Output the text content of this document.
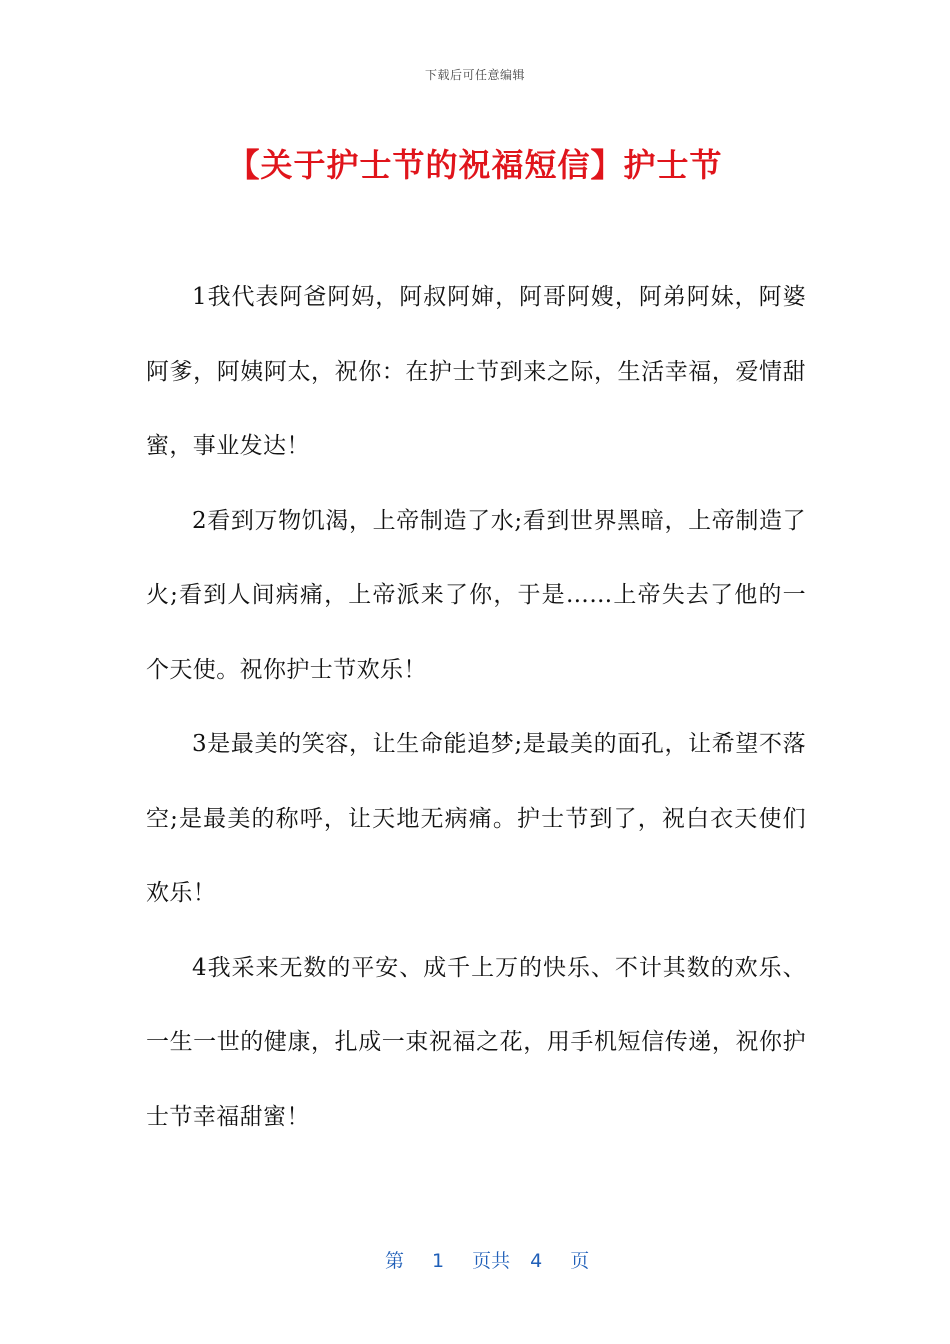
下载后可任意编辑
【关于护士节的祝福短信】护士节

1我代表阿爸阿妈，阿叔阿婶，阿哥阿嫂，阿弟阿妹，阿婆阿爹，阿姨阿太，祝你：在护士节到来之际，生活幸福，爱情甜蜜，事业发达！

2看到万物饥渴，上帝制造了水;看到世界黑暗，上帝制造了火;看到人间病痛，上帝派来了你，于是……上帝失去了他的一个天使。祝你护士节欢乐！

3是最美的笑容，让生命能追梦;是最美的面孔，让希望不落空;是最美的称呼，让天地无病痛。护士节到了，祝白衣天使们欢乐！

4我采来无数的平安、成千上万的快乐、不计其数的欢乐、一生一世的健康，扎成一束祝福之花，用手机短信传递，祝你护士节幸福甜蜜！

第 1 页共 4 页
